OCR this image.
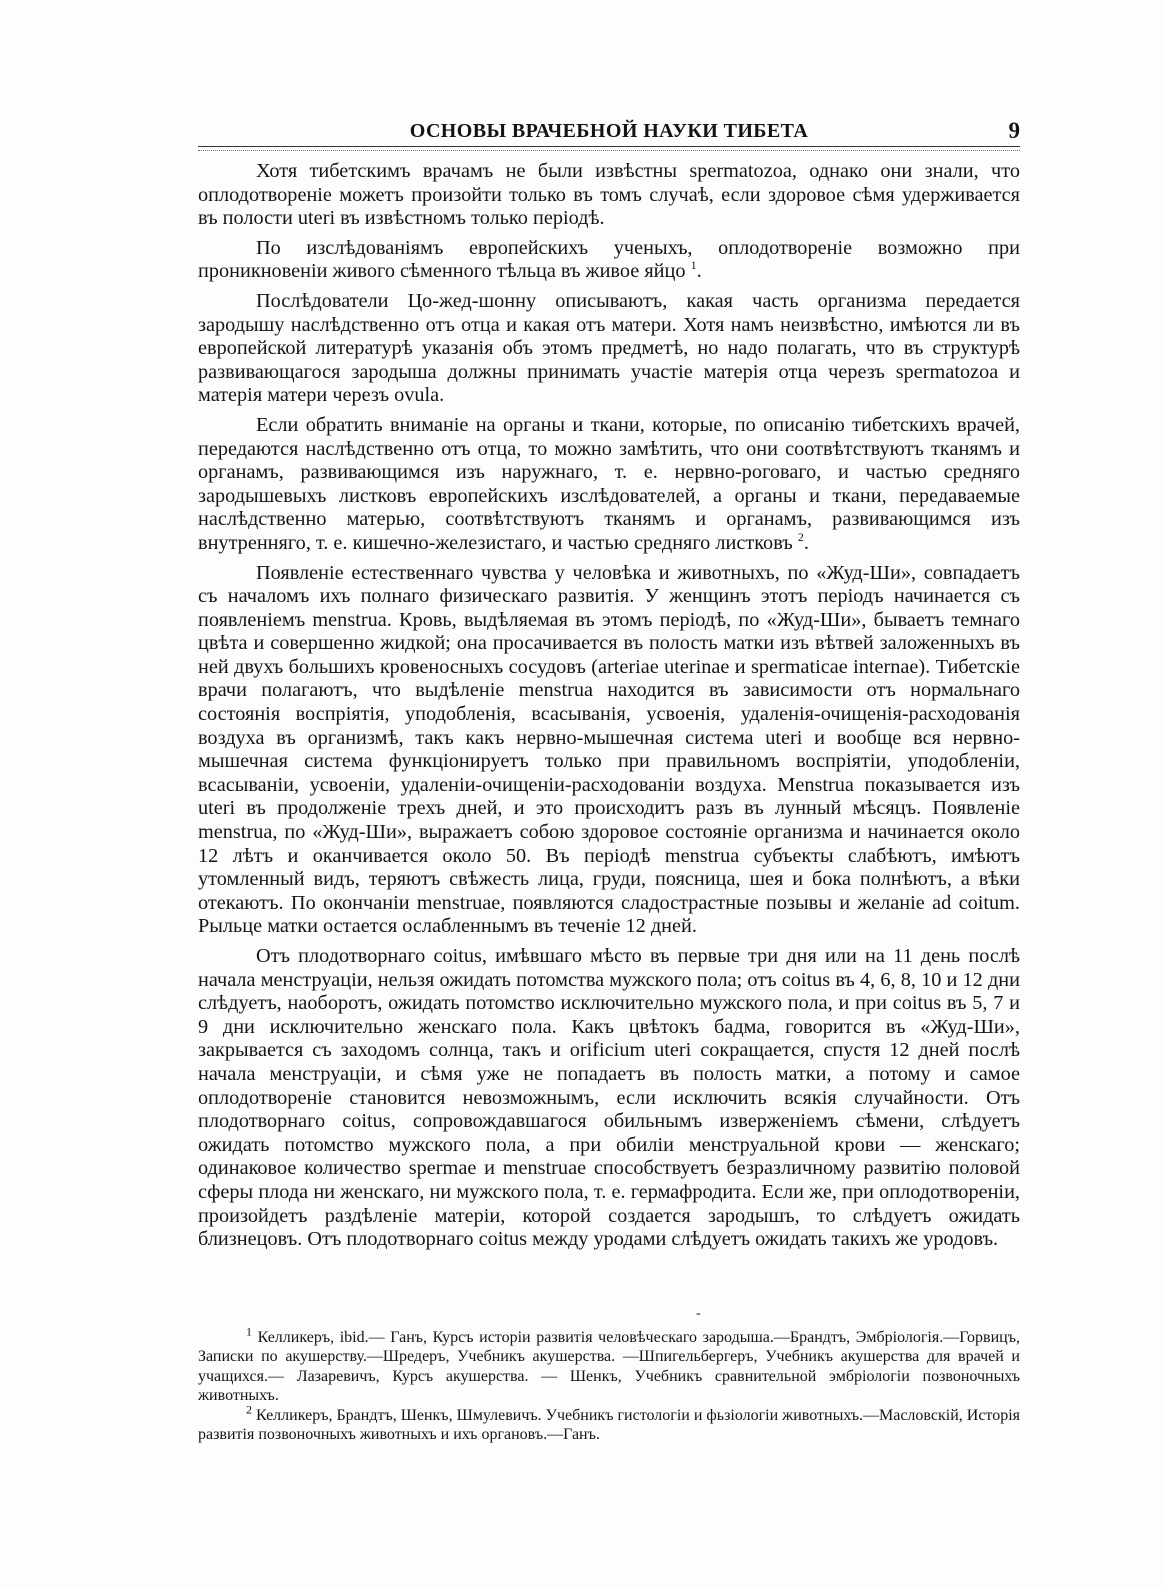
ОСНОВЫ ВРАЧЕБНОЙ НАУКИ ТИБЕТА	9

Хотя тибетскимъ врачамъ не были извѣстны spermatozoa, однако они знали, что оплодотвореніе можетъ произойти только въ томъ случаѣ, если здоровое сѣмя удерживается въ полости uteri въ извѣстномъ только періодѣ.

По изслѣдованіямъ европейскихъ ученыхъ, оплодотвореніе возможно при проникновеніи живого сѣменного тѣльца въ живое яйцо $^1$.

Послѣдователи Цо-жед-шонну описываютъ, какая часть организма передается зародышу наслѣдственно отъ отца и какая отъ матери. Хотя намъ неизвѣстно, имѣются ли въ европейской литературѣ указанія объ этомъ предметѣ, но надо полагать, что въ структурѣ развивающагося зародыша должны принимать участіе матерія отца черезъ spermatozoa и матерія матери черезъ ovula.

Если обратить вниманіе на органы и ткани, которые, по описанію тибетскихъ врачей, передаются наслѣдственно отъ отца, то можно замѣтить, что они соотвѣтствуютъ тканямъ и органамъ, развивающимся изъ наружнаго, т. е. нервно-роговаго, и частью средняго зародышевыхъ листковъ европейскихъ изслѣдователей, а органы и ткани, передаваемые наслѣдственно матерью, соотвѣтствуютъ тканямъ и органамъ, развивающимся изъ внутренняго, т. е. кишечно-железистаго, и частью средняго листковъ $^2$.

Появленіе естественнаго чувства у человѣка и животныхъ, по «Жуд-Ши», совпадаетъ съ началомъ ихъ полнаго физическаго развитія. У женщинъ этотъ періодъ начинается съ появленіемъ menstrua. Кровь, выдѣляемая въ этомъ періодѣ, по «Жуд-Ши», бываетъ темнаго цвѣта и совершенно жидкой; она просачивается въ полость матки изъ вѣтвей заложенныхъ въ ней двухъ большихъ кровеносныхъ сосудовъ (arteriae uterinae и spermaticae internae). Тибетскіе врачи полагаютъ, что выдѣленіе menstrua находится въ зависимости отъ нормальнаго состоянія воспріятія, уподобленія, всасыванія, усвоенія, удаленія-очищенія-расходованія воздуха въ организмѣ, такъ какъ нервно-мышечная система uteri и вообще вся нервно-мышечная система функціонируетъ только при правильномъ воспріятіи, уподобленіи, всасываніи, усвоеніи, удаленіи-очищеніи-расходованіи воздуха. Menstrua показывается изъ uteri въ продолженіе трехъ дней, и это происходитъ разъ въ лунный мѣсяцъ. Появленіе menstrua, по «Жуд-Ши», выражаетъ собою здоровое состояніе организма и начинается около 12 лѣтъ и оканчивается около 50. Въ періодѣ menstrua субъекты слабѣютъ, имѣютъ утомленный видъ, теряютъ свѣжесть лица, груди, поясница, шея и бока полнѣютъ, а вѣки отекаютъ. По окончаніи menstruae, появляются сладострастные позывы и желаніе ad coitum. Рыльце матки остается ослабленнымъ въ теченіе 12 дней.

Отъ плодотворнаго coitus, имѣвшаго мѣсто въ первые три дня или на 11 день послѣ начала менструаціи, нельзя ожидать потомства мужского пола; отъ coitus въ 4, 6, 8, 10 и 12 дни слѣдуетъ, наоборотъ, ожидать потомство исключительно мужского пола, и при coitus въ 5, 7 и 9 дни исключительно женскаго пола. Какъ цвѣтокъ бадма, говорится въ «Жуд-Ши», закрывается съ заходомъ солнца, такъ и orificium uteri сокращается, спустя 12 дней послѣ начала менструаціи, и сѣмя уже не попадаетъ въ полость матки, а потому и самое оплодотвореніе становится невозможнымъ, если исключить всякія случайности. Отъ плодотворнаго coitus, сопровождавшагося обильнымъ изверженіемъ сѣмени, слѣдуетъ ожидать потомство мужского пола, а при обиліи менструальной крови — женскаго; одинаковое количество spermae и menstruae способствуетъ безразличному развитію половой сферы плода ни женскаго, ни мужского пола, т. е. гермафродита. Если же, при оплодотвореніи, произойдетъ раздѣленіе матеріи, которой создается зародышъ, то слѣдуетъ ожидать близнецовъ. Отъ плодотворнаго coitus между уродами слѣдуетъ ожидать такихъ же уродовъ.

-

$^1$ Келликеръ, ibid.— Ганъ, Курсъ исторіи развитія человѣческаго зародыша.—Брандтъ, Эмбріологія.—Горвицъ, Записки по акушерству.—Шредеръ, Учебникъ акушерства. —Шпигельбергеръ, Учебникъ акушерства для врачей и учащихся.— Лазаревичъ, Курсъ акушерства. — Шенкъ, Учебникъ сравнительной эмбріологіи позвоночныхъ животныхъ.

$^2$ Келликеръ, Брандтъ, Шенкъ, Шмулевичъ. Учебникъ гистологіи и фьзіологіи животныхъ.—Масловскій, Исторія развитія позвоночныхъ животныхъ и ихъ органовъ.—Ганъ.
